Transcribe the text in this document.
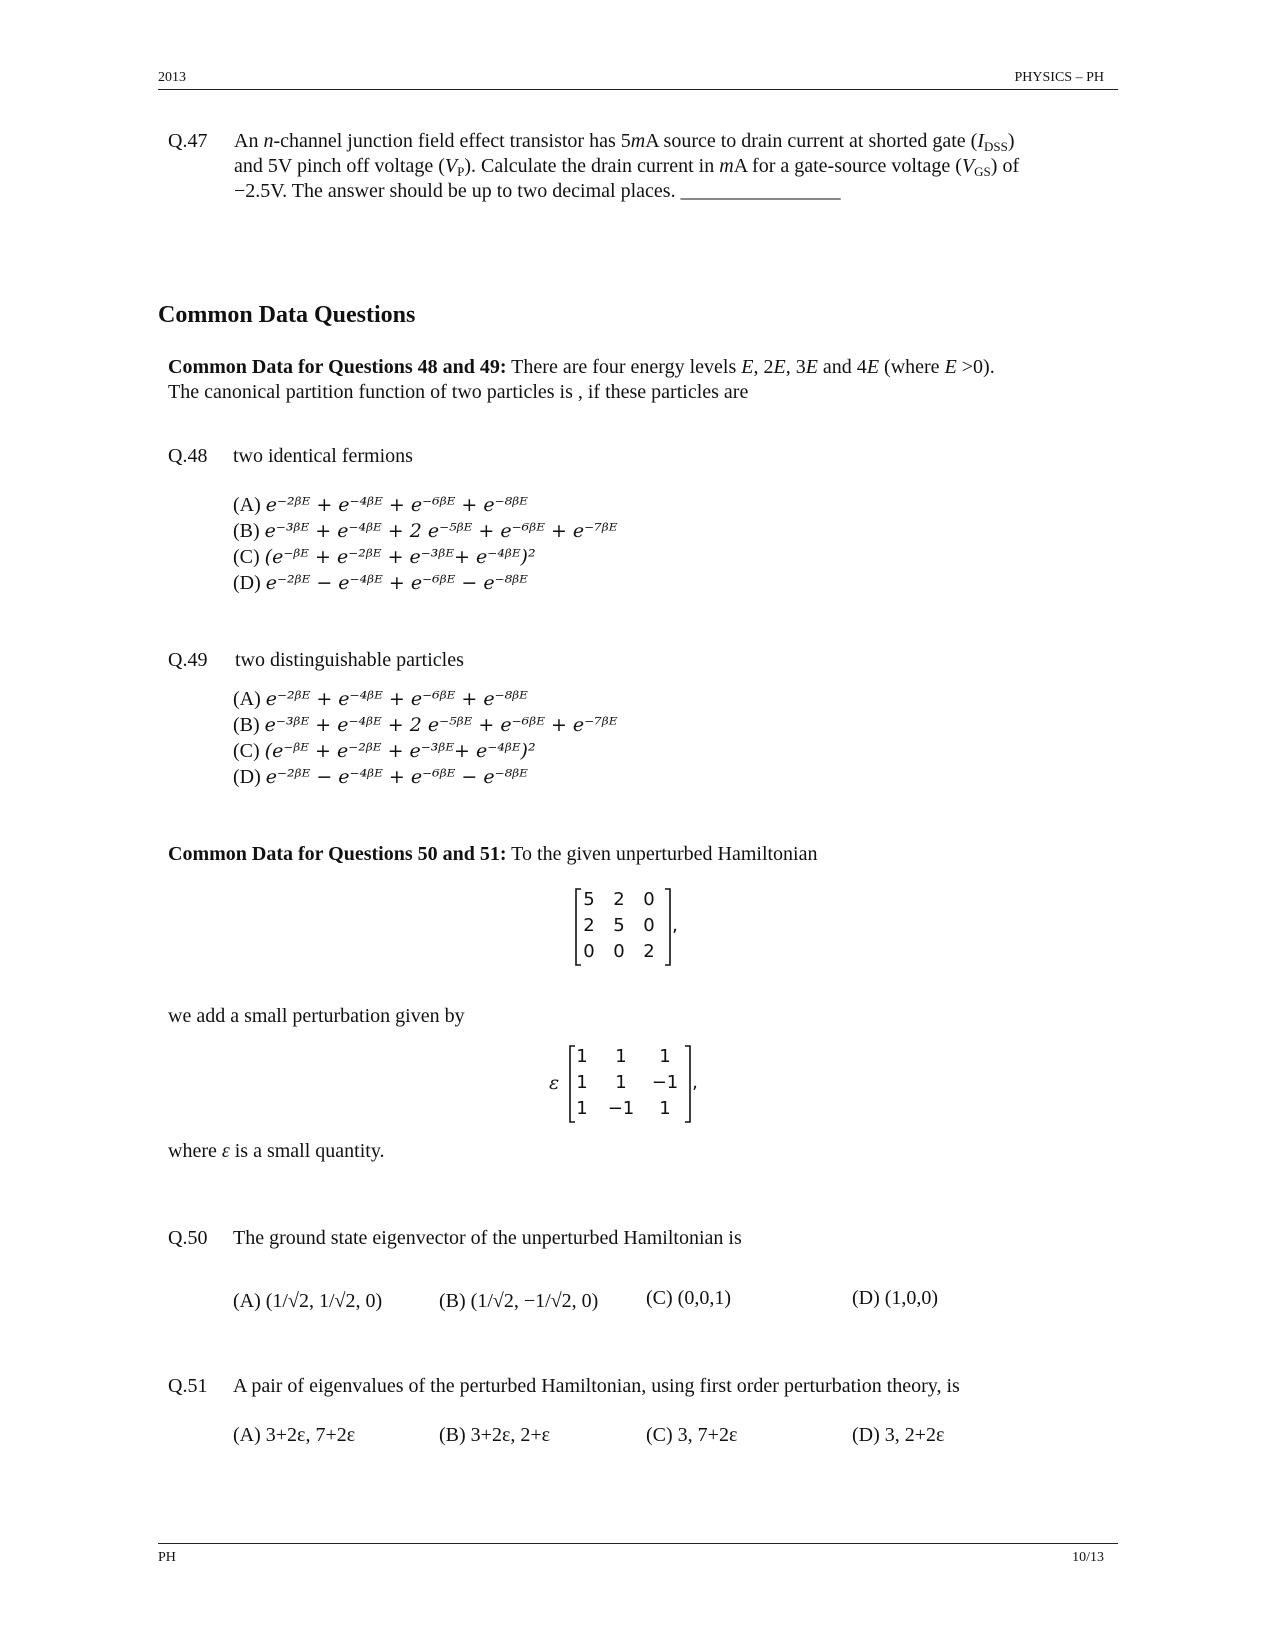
2013	PHYSICS – PH
Q.47 An n-channel junction field effect transistor has 5mA source to drain current at shorted gate $(I_{DSS})$
and 5V pinch off voltage $(V_P)$. Calculate the drain current in mA for a gate-source voltage $(V_{GS})$ of
−2.5V. The answer should be up to two decimal places. ________________
Common Data Questions
Common Data for Questions 48 and 49: There are four energy levels E, 2E, 3E and 4E (where E >0).
The canonical partition function of two particles is , if these particles are
Q.48 two identical fermions
(A) e⁻²ᵝᴱ + e⁻⁴ᵝᴱ + e⁻⁶ᵝᴱ + e⁻⁸ᵝᴱ
(B) e⁻³ᵝᴱ + e⁻⁴ᵝᴱ + 2 e⁻⁵ᵝᴱ + e⁻⁶ᵝᴱ + e⁻⁷ᵝᴱ
(C) (e⁻ᵝᴱ + e⁻²ᵝᴱ + e⁻³ᵝᴱ+ e⁻⁴ᵝᴱ)²
(D) e⁻²ᵝᴱ − e⁻⁴ᵝᴱ + e⁻⁶ᵝᴱ − e⁻⁸ᵝᴱ
Q.49 two distinguishable particles
(A) e⁻²ᵝᴱ + e⁻⁴ᵝᴱ + e⁻⁶ᵝᴱ + e⁻⁸ᵝᴱ
(B) e⁻³ᵝᴱ + e⁻⁴ᵝᴱ + 2 e⁻⁵ᵝᴱ + e⁻⁶ᵝᴱ + e⁻⁷ᵝᴱ
(C) (e⁻ᵝᴱ + e⁻²ᵝᴱ + e⁻³ᵝᴱ+ e⁻⁴ᵝᴱ)²
(D) e⁻²ᵝᴱ − e⁻⁴ᵝᴱ + e⁻⁶ᵝᴱ − e⁻⁸ᵝᴱ
Common Data for Questions 50 and 51: To the given unperturbed Hamiltonian
5 2 0
2 5 0
0 0 2
,
we add a small perturbation given by
ε
1	1	1
1	1	−1
1 −1	1
,
where ε is a small quantity.
Q.50 The ground state eigenvector of the unperturbed Hamiltonian is
(A) (1/√2, 1/√2, 0)	(B) (1/√2, −1/√2, 0) (C) (0,0,1)	(D) (1,0,0)
Q.51 A pair of eigenvalues of the perturbed Hamiltonian, using first order perturbation theory, is
(A) 3+2ε, 7+2ε	(B) 3+2ε, 2+ε	(C) 3, 7+2ε	(D) 3, 2+2ε
PH	10/13
